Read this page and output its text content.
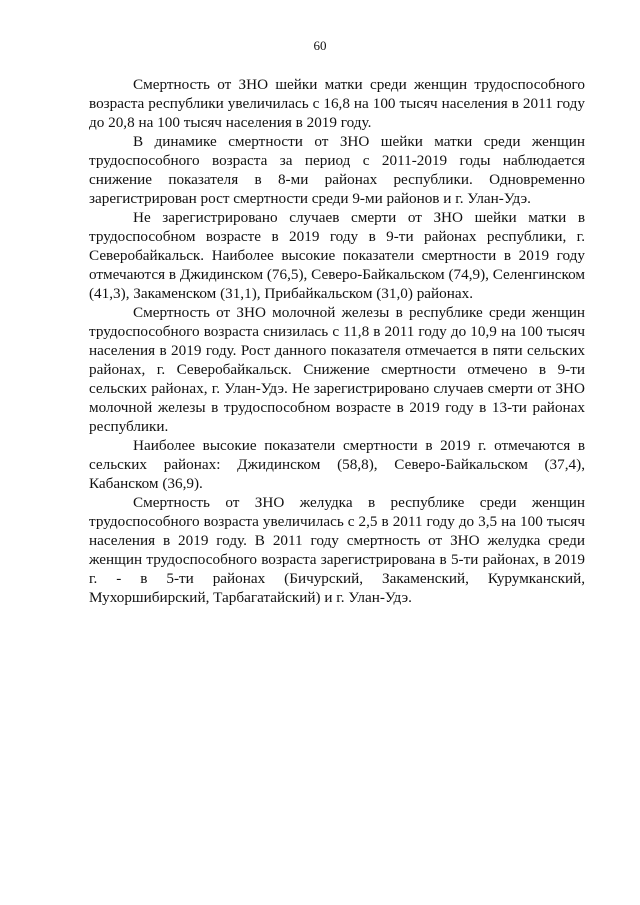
60

Смертность от ЗНО шейки матки среди женщин трудоспособного возраста республики увеличилась с 16,8 на 100 тысяч населения в 2011 году до 20,8 на 100 тысяч населения в 2019 году.

В динамике смертности от ЗНО шейки матки среди женщин трудоспособного возраста за период с 2011-2019 годы наблюдается снижение показателя в 8-ми районах республики. Одновременно зарегистрирован рост смертности среди 9-ми районов и г. Улан-Удэ.

Не зарегистрировано случаев смерти от ЗНО шейки матки в трудоспособном возрасте в 2019 году в 9-ти районах республики, г. Северобайкальск. Наиболее высокие показатели смертности в 2019 году отмечаются в Джидинском (76,5), Северо-Байкальском (74,9), Селенгинском (41,3), Закаменском (31,1), Прибайкальском (31,0) районах.

Смертность от ЗНО молочной железы в республике среди женщин трудоспособного возраста снизилась с 11,8 в 2011 году до 10,9 на 100 тысяч населения в 2019 году. Рост данного показателя отмечается в пяти сельских районах, г. Северобайкальск. Снижение смертности отмечено в 9-ти сельских районах, г. Улан-Удэ. Не зарегистрировано случаев смерти от ЗНО молочной железы в трудоспособном возрасте в 2019 году в 13-ти районах республики.

Наиболее высокие показатели смертности в 2019 г. отмечаются в сельских районах: Джидинском (58,8), Северо-Байкальском (37,4), Кабанском (36,9).

Смертность от ЗНО желудка в республике среди женщин трудоспособного возраста увеличилась с 2,5 в 2011 году до 3,5 на 100 тысяч населения в 2019 году. В 2011 году смертность от ЗНО желудка среди женщин трудоспособного возраста зарегистрирована в 5-ти районах, в 2019 г. - в 5-ти районах (Бичурский, Закаменский, Курумканский, Мухоршибирский, Тарбагатайский) и г. Улан-Удэ.
